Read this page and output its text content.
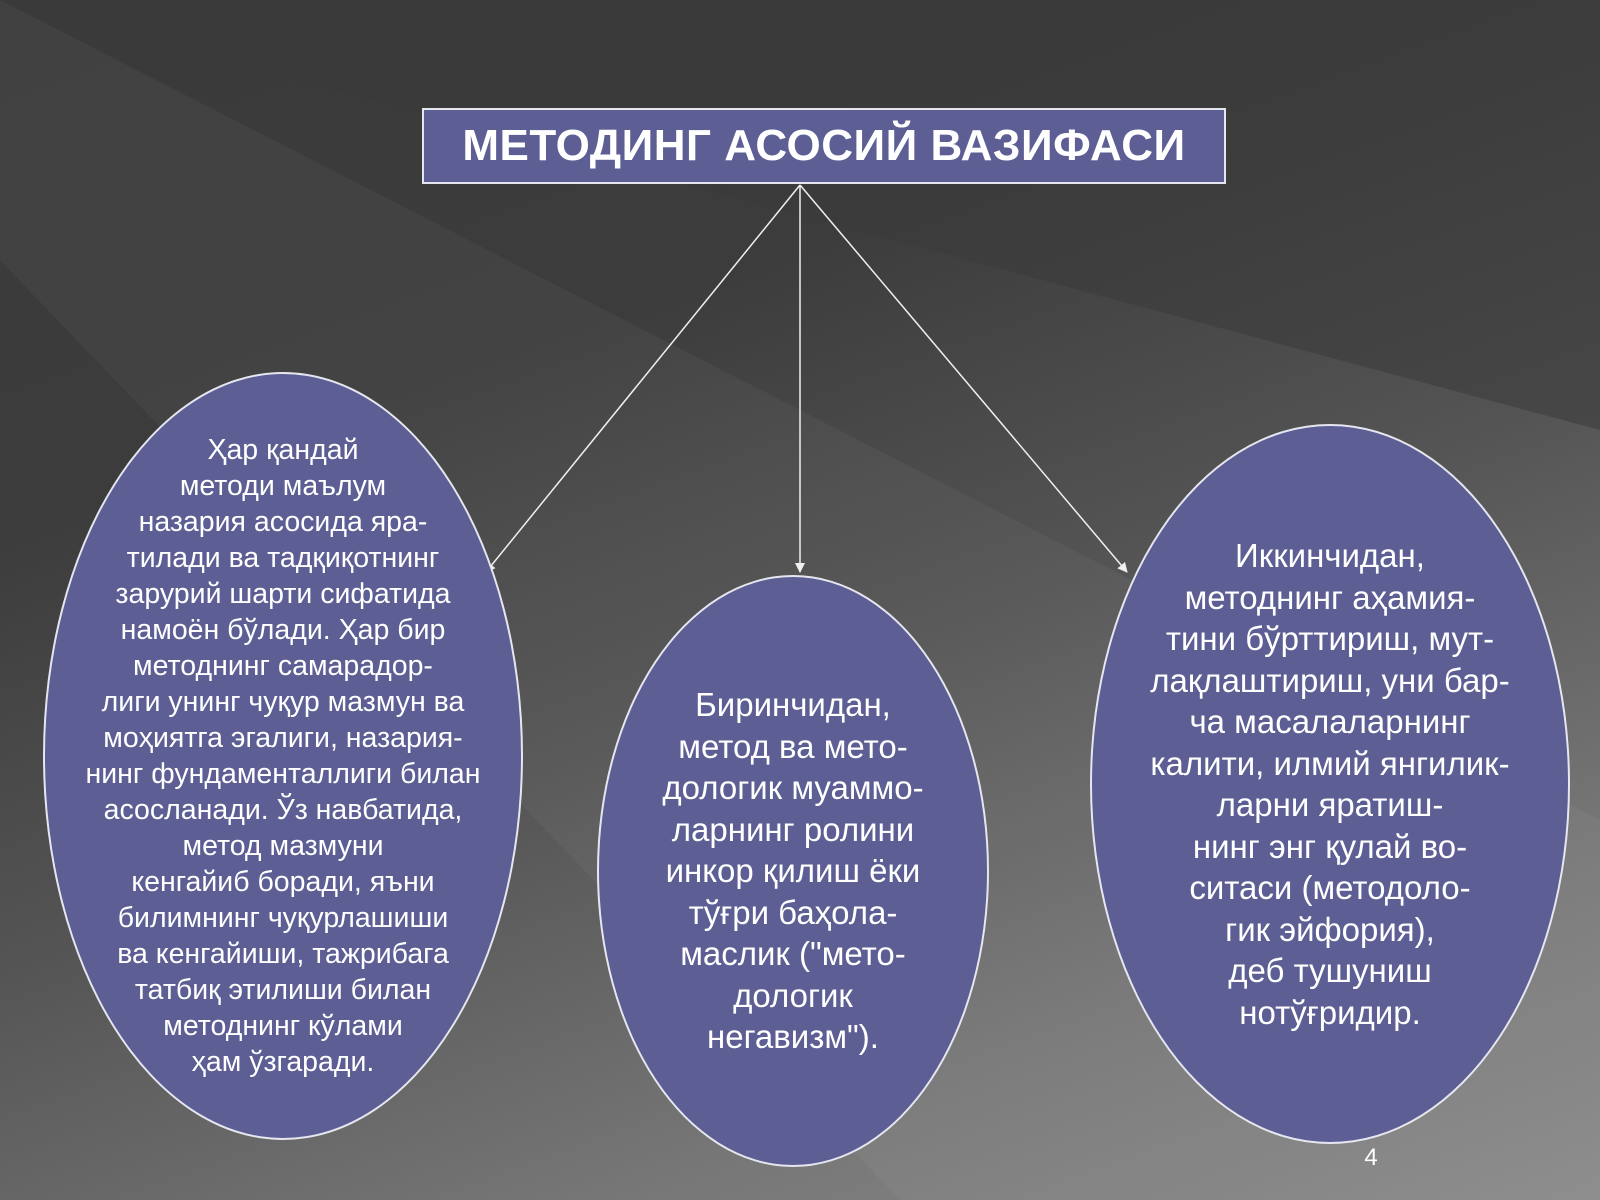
МЕТОДИНГ АСОСИЙ ВАЗИФАСИ
Ҳар қандай
методи маълум
назария асосида яра-
тилади ва тадқиқотнинг
зарурий шарти сифатида
намоён бўлади. Ҳар бир
методнинг самарадор-
лиги унинг чуқур мазмун ва
моҳиятга эгалиги, назария-
нинг фундаменталлиги билан
асосланади. Ўз навбатида,
метод мазмуни
кенгайиб боради, яъни
билимнинг чуқурлашиши
ва кенгайиши, тажрибага
татбиқ этилиши билан
методнинг кўлами
ҳам ўзгаради.
Биринчидан,
метод ва мето-
дологик муаммо-
ларнинг ролини
инкор қилиш ёки
тўғри баҳола-
маслик ("мето-
дологик
негавизм").
Иккинчидан,
методнинг аҳамия-
тини бўрттириш, мут-
лақлаштириш, уни бар-
ча масалаларнинг
калити, илмий янгилик-
ларни яратиш-
нинг энг қулай во-
ситаси (методоло-
гик эйфория),
деб тушуниш
нотўғридир.
4
